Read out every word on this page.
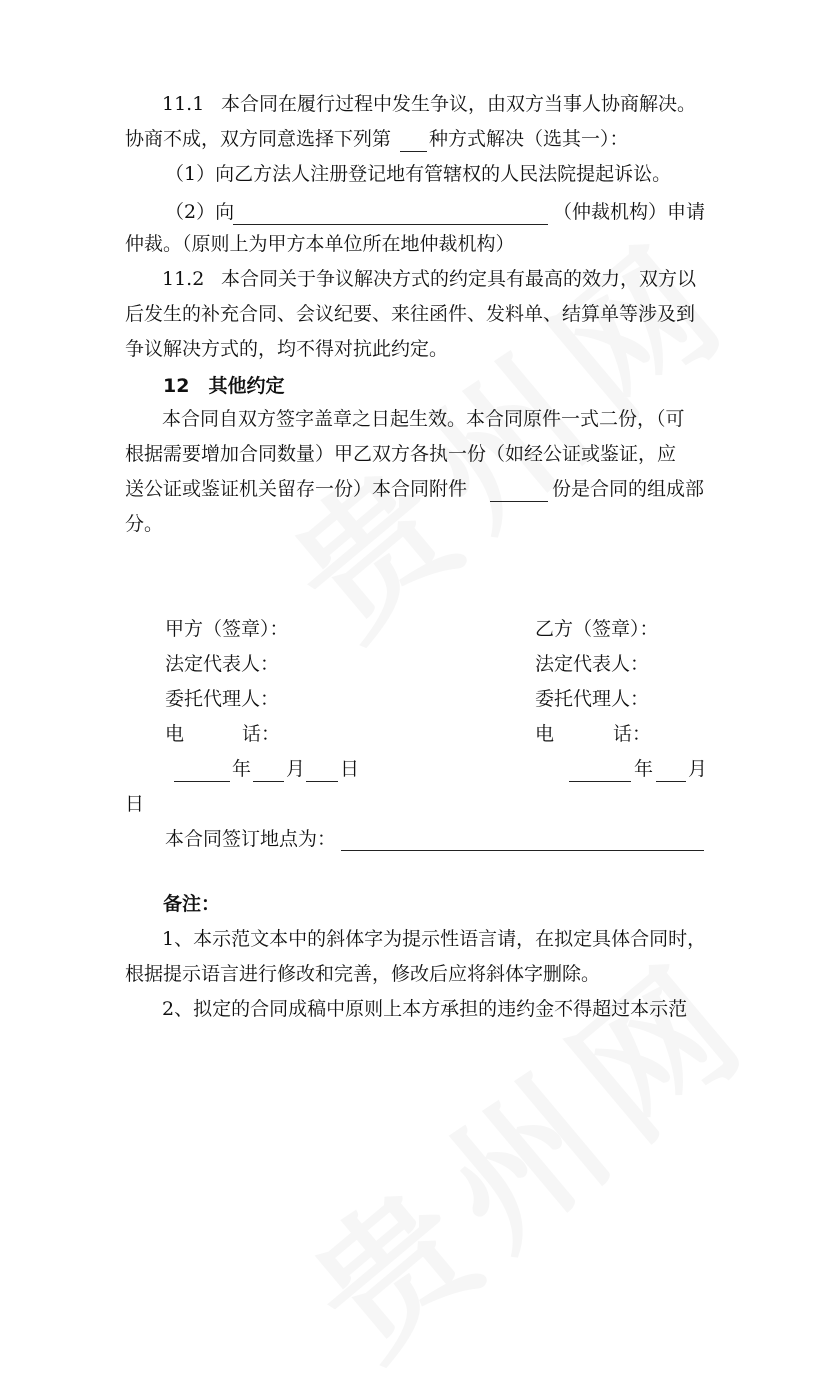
11.1 本合同在履行过程中发生争议，由双方当事人协商解决。
协商不成，双方同意选择下列第 种方式解决（选其一）：
（1）向乙方法人注册登记地有管辖权的人民法院提起诉讼。
（2）向	（仲裁机构）申请
仲裁。（原则上为甲方本单位所在地仲裁机构）
11.2 本合同关于争议解决方式的约定具有最高的效力，双方以
后发生的补充合同、会议纪要、来往函件、发料单、结算单等涉及到
争议解决方式的，均不得对抗此约定。
12　其他约定
本合同自双方签字盖章之日起生效。本合同原件一式二份，（可
根据需要增加合同数量）甲乙双方各执一份（如经公证或鉴证，应
送公证或鉴证机关留存一份）本合同附件	份是合同的组成部
分。
甲方（签章）：	乙方（签章）：
法定代表人：	法定代表人：
委托代理人：	委托代理人：
电	话：	电	话：
年 月 日	年 月
日
本合同签订地点为：
备注：
1、本示范文本中的斜体字为提示性语言请，在拟定具体合同时，
根据提示语言进行修改和完善，修改后应将斜体字删除。
2、拟定的合同成稿中原则上本方承担的违约金不得超过本示范
